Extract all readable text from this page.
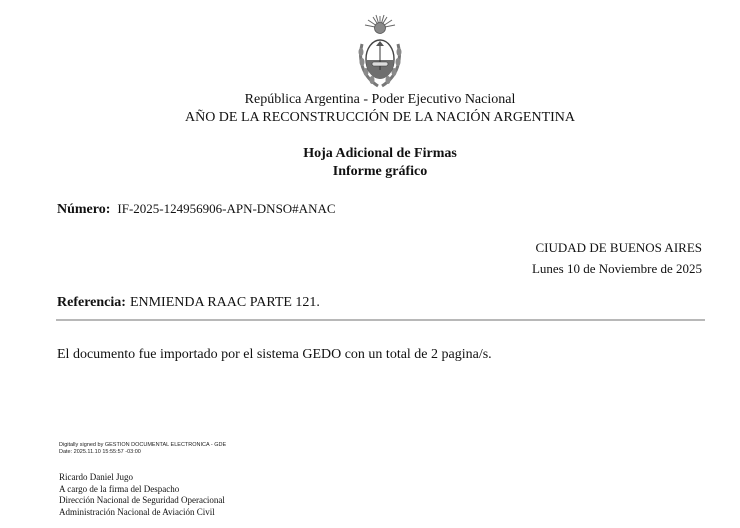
República Argentina - Poder Ejecutivo Nacional
AÑO DE LA RECONSTRUCCIÓN DE LA NACIÓN ARGENTINA
Hoja Adicional de Firmas
Informe gráfico
Número: IF-2025-124956906-APN-DNSO#ANAC
CIUDAD DE BUENOS AIRES
Lunes 10 de Noviembre de 2025
Referencia: ENMIENDA RAAC PARTE 121.
El documento fue importado por el sistema GEDO con un total de 2 pagina/s.
Digitally signed by GESTION DOCUMENTAL ELECTRONICA - GDE
Date: 2025.11.10 15:55:57 -03:00
Ricardo Daniel Jugo
A cargo de la firma del Despacho
Dirección Nacional de Seguridad Operacional
Administración Nacional de Aviación Civil
